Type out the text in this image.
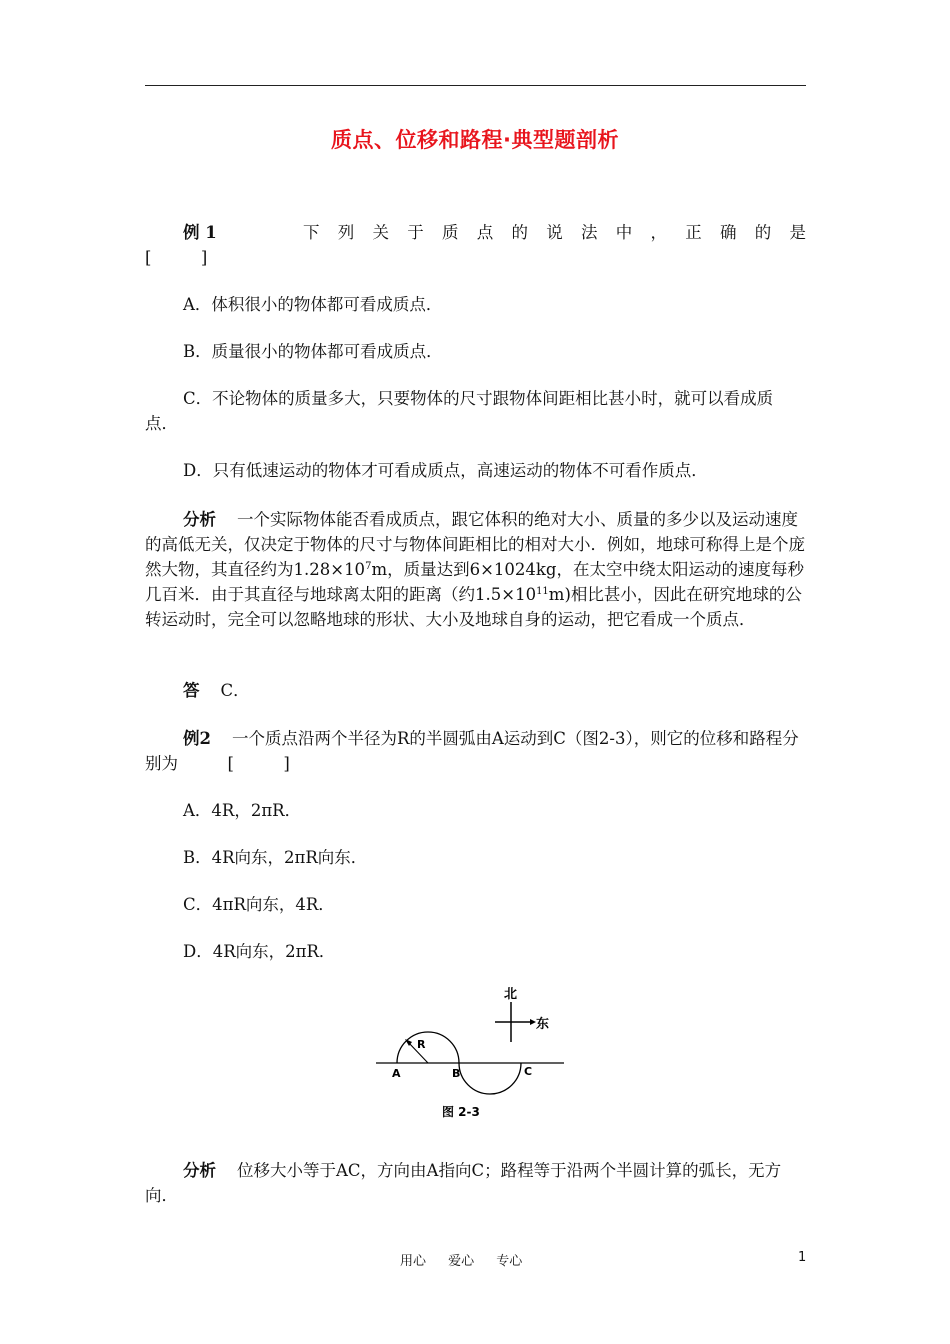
质点、位移和路程·典型题剖析
例 1	下 列 关 于 质 点 的 说 法 中 ， 正 确 的 是
[　　　]
A．体积很小的物体都可看成质点．
B．质量很小的物体都可看成质点．
C．不论物体的质量多大，只要物体的尺寸跟物体间距相比甚小时，就可以看成质点．
D．只有低速运动的物体才可看成质点，高速运动的物体不可看作质点．
分析 一个实际物体能否看成质点，跟它体积的绝对大小、质量的多少以及运动速度的高低无关，仅决定于物体的尺寸与物体间距相比的相对大小．例如，地球可称得上是个庞然大物，其直径约为$1.28\times 10^7m$，质量达到6×1024kg，在太空中绕太阳运动的速度每秒几百米．由于其直径与地球离太阳的距离（约$1.5\times 10^{11}m$)相比甚小，因此在研究地球的公转运动时，完全可以忽略地球的形状、大小及地球自身的运动，把它看成一个质点．
答 C．
例2 一个质点沿两个半径为R的半圆弧由A运动到C（图2-3），则它的位移和路程分别为　　　[　　　]
A．4R，2πR．
B．4R向东，2πR向东．
C．4πR向东，4R．
D．4R向东，2πR．
北
东
R
A	B	C
图 2-3
分析 位移大小等于AC，方向由A指向C；路程等于沿两个半圆计算的弧长，无方向．
用心 爱心 专心	1
